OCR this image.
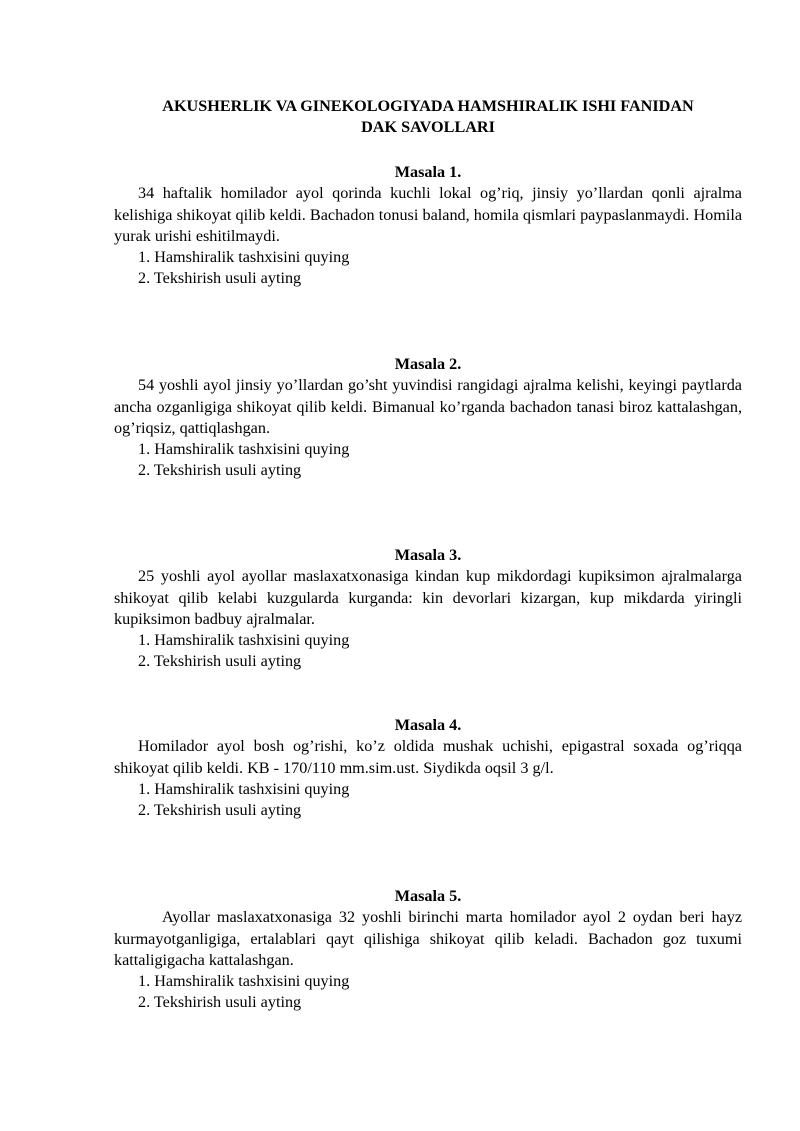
AKUSHERLIK VA GINEKOLOGIYADA HAMSHIRALIK ISHI FANIDAN
DAK SAVOLLARI

Masala 1.

34 haftalik homilador ayol qorinda kuchli lokal og’riq, jinsiy yo’llardan qonli ajralma kelishiga shikoyat qilib keldi. Bachadon tonusi baland, homila qismlari paypaslanmaydi. Homila yurak urishi eshitilmaydi.

1. Hamshiralik tashxisini quying

2. Tekshirish usuli ayting

Masala 2.

54 yoshli ayol jinsiy yo’llardan go’sht yuvindisi rangidagi ajralma kelishi, keyingi paytlarda ancha ozganligiga shikoyat qilib keldi. Bimanual ko’rganda bachadon tanasi biroz kattalashgan, og’riqsiz, qattiqlashgan.

1. Hamshiralik tashxisini quying

2. Tekshirish usuli ayting

Masala 3.

25 yoshli ayol ayollar maslaxatxonasiga kindan kup mikdordagi kupiksimon ajralmalarga shikoyat qilib kelabi kuzgularda kurganda: kin devorlari kizargan, kup mikdarda yiringli kupiksimon badbuy ajralmalar.

1. Hamshiralik tashxisini quying

2. Tekshirish usuli ayting

Masala 4.

Homilador ayol bosh og’rishi, ko’z oldida mushak uchishi, epigastral soxada og’riqqa shikoyat qilib keldi. KB - 170/110 mm.sim.ust. Siydikda oqsil 3 g/l.

1. Hamshiralik tashxisini quying

2. Tekshirish usuli ayting

Masala 5.

Ayollar maslaxatxonasiga 32 yoshli birinchi marta homilador ayol 2 oydan beri hayz kurmayotganligiga, ertalablari qayt qilishiga shikoyat qilib keladi. Bachadon goz tuxumi kattaligigacha kattalashgan.

1. Hamshiralik tashxisini quying

2. Tekshirish usuli ayting
